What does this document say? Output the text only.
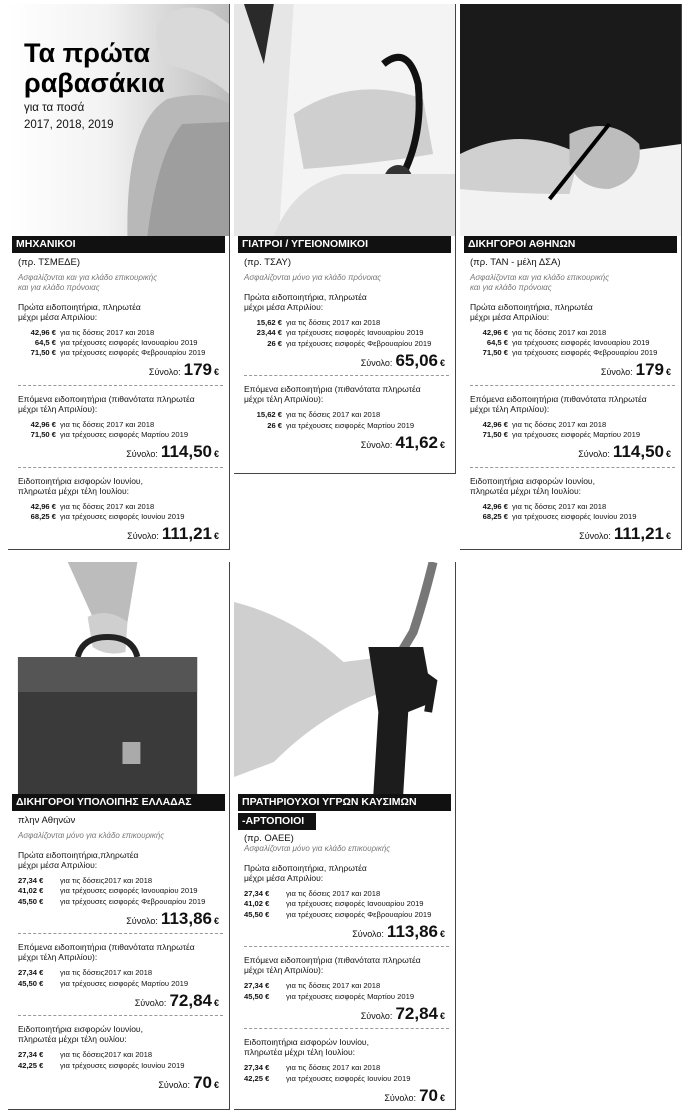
Τα πρώτα
ραβασάκια
για τα ποσά
2017, 2018, 2019
ΜΗΧΑΝΙΚΟΙ
(πρ. ΤΣΜΕΔΕ)
Ασφαλίζονται και για κλάδο επικουρικής
και για κλάδο πρόνοιας
Πρώτα ειδοποιητήρια, πληρωτέα
μέχρι μέσα Απριλίου:
42,96 € για τις δόσεις 2017 και 2018
64,5 € για τρέχουσες εισφορές Ιανουαρίου 2019
71,50 € για τρέχουσες εισφορές Φεβρουαρίου 2019
Σύνολο: 179 €
Επόμενα ειδοποιητήρια (πιθανότατα πληρωτέα
μέχρι τέλη Απριλίου):
42,96 € για τις δόσεις 2017 και 2018
71,50 € για τρέχουσες εισφορές Μαρτίου 2019
Σύνολο: 114,50 €
Ειδοποιητήρια εισφορών Ιουνίου,
πληρωτέα μέχρι τέλη Ιουλίου:
42,96 € για τις δόσεις 2017 και 2018
68,25 € για τρέχουσες εισφορές Ιουνίου 2019
Σύνολο: 111,21 €
ΓΙΑΤΡΟΙ / ΥΓΕΙΟΝΟΜΙΚΟΙ
(πρ. ΤΣΑΥ)
Ασφαλίζονται μόνο για κλάδο πρόνοιας
Πρώτα ειδοποιητήρια, πληρωτέα
μέχρι μέσα Απριλίου:
15,62 € για τις δόσεις 2017 και 2018
23,44 € για τρέχουσες εισφορές Ιανουαρίου 2019
26 € για τρέχουσες εισφορές Φεβρουαρίου 2019
Σύνολο: 65,06 €
Επόμενα ειδοποιητήρια (πιθανότατα πληρωτέα
μέχρι τέλη Απριλίου):
15,62 € για τις δόσεις 2017 και 2018
26 € για τρέχουσες εισφορές Μαρτίου 2019
Σύνολο: 41,62 €
ΔΙΚΗΓΟΡΟΙ ΑΘΗΝΩΝ
(πρ. ΤΑΝ - μέλη ΔΣΑ)
Ασφαλίζονται και για κλάδο επικουρικής
και για κλάδο πρόνοιας
Πρώτα ειδοποιητήρια, πληρωτέα
μέχρι μέσα Απριλίου:
42,96 € για τις δόσεις 2017 και 2018
64,5 € για τρέχουσες εισφορές Ιανουαρίου 2019
71,50 € για τρέχουσες εισφορές Φεβρουαρίου 2019
Σύνολο: 179 €
Επόμενα ειδοποιητήρια (πιθανότατα πληρωτέα
μέχρι τέλη Απριλίου):
42,96 € για τις δόσεις 2017 και 2018
71,50 € για τρέχουσες εισφορές Μαρτίου 2019
Σύνολο: 114,50 €
Ειδοποιητήρια εισφορών Ιουνίου,
πληρωτέα μέχρι τέλη Ιουλίου:
42,96 € για τις δόσεις 2017 και 2018
68,25 € για τρέχουσες εισφορές Ιουνίου 2019
Σύνολο: 111,21 €
ΔΙΚΗΓΟΡΟΙ ΥΠΟΛΟΙΠΗΣ ΕΛΛΑΔΑΣ
πλην Αθηνών
Ασφαλίζονται μόνο για κλάδο επικουρικής
Πρώτα ειδοποιητήρια,πληρωτέα
μέχρι μέσα Απριλίου:
27,34 €	για τις δόσεις2017 και 2018
41,02 €	για τρέχουσες εισφορές Ιανουαρίου 2019
45,50 €	για τρέχουσες εισφορές Φεβρουαρίου 2019
Σύνολο: 113,86 €
Επόμενα ειδοποιητήρια (πιθανότατα πληρωτέα
μέχρι τέλη Απριλίου):
27,34 €	για τις δόσεις2017 και 2018
45,50 €	για τρέχουσες εισφορές Μαρτίου 2019
Σύνολο: 72,84 €
Ειδοποιητήρια εισφορών Ιουνίου,
πληρωτέα μέχρι τέλη ουλίου:
27,34 €	για τις δόσεις2017 και 2018
42,25 €	για τρέχουσες εισφορές Ιουνίου 2019
Σύνολο: 70 €
ΠΡΑΤΗΡΙΟΥΧΟΙ ΥΓΡΩΝ ΚΑΥΣΙΜΩΝ
-ΑΡΤΟΠΟΙΟΙ
(πρ. ΟΑΕΕ)
Ασφαλίζονται μόνο για κλάδο επικουρικής
Πρώτα ειδοποιητήρια, πληρωτέα
μέχρι μέσα Απριλίου:
27,34 €	για τις δόσεις 2017 και 2018
41,02 €	για τρέχουσες εισφορές Ιανουαρίου 2019
45,50 €	για τρέχουσες εισφορές Φεβρουαρίου 2019
Σύνολο: 113,86 €
Επόμενα ειδοποιητήρια (πιθανότατα πληρωτέα
μέχρι τέλη Απριλίου):
27,34 €	για τις δόσεις 2017 και 2018
45,50 €	για τρέχουσες εισφορές Μαρτίου 2019
Σύνολο: 72,84 €
Ειδοποιητήρια εισφορών Ιουνίου,
πληρωτέα μέχρι τέλη Ιουλίου:
27,34 €	για τις δόσεις 2017 και 2018
42,25 €	για τρέχουσες εισφορές Ιουνίου 2019
Σύνολο: 70 €
